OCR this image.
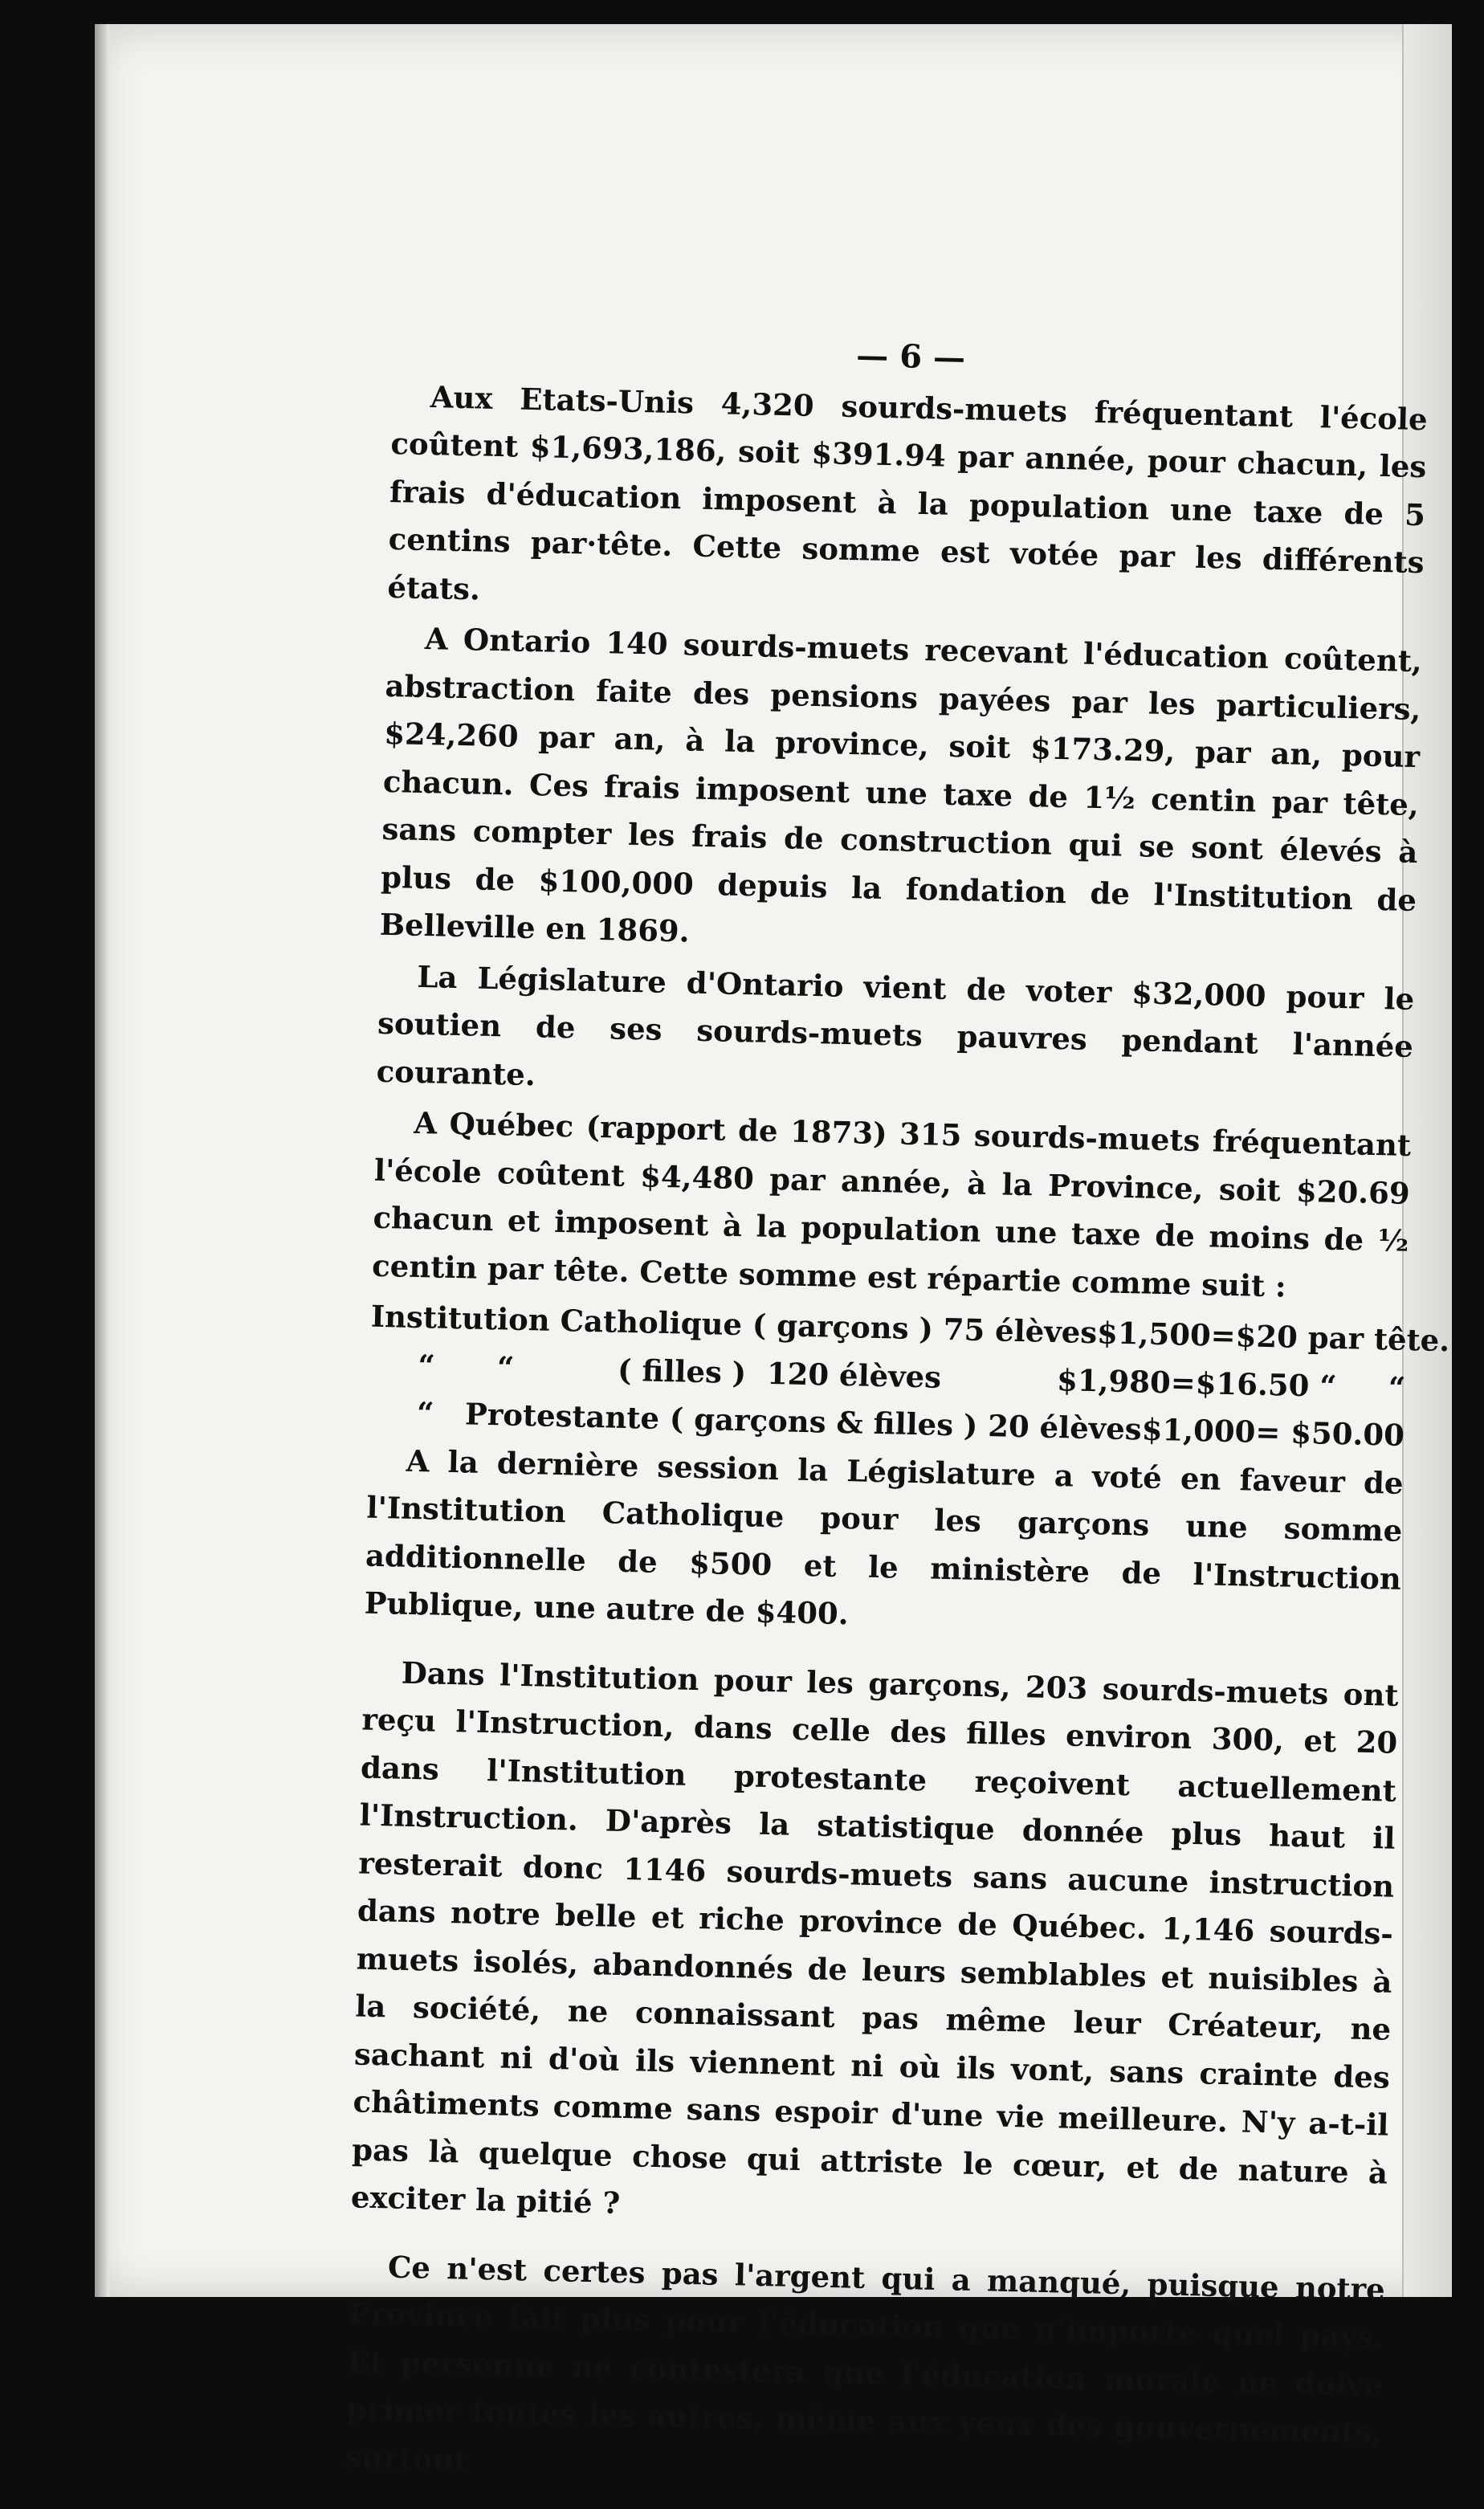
— 6 —

Aux Etats-Unis 4,320 sourds-muets fréquentant l'école coûtent $1,693,186, soit $391.94 par année, pour chacun, les frais d'éducation imposent à la population une taxe de 5 centins par·tête. Cette somme est votée par les différents états.

A Ontario 140 sourds-muets recevant l'éducation coûtent, abstraction faite des pensions payées par les particuliers, $24,260 par an, à la province, soit $173.29, par an, pour chacun. Ces frais imposent une taxe de 1½ centin par tête, sans compter les frais de construction qui se sont élevés à plus de $100,000 depuis la fondation de l'Institution de Belleville en 1869.

La Législature d'Ontario vient de voter $32,000 pour le soutien de ses sourds-muets pauvres pendant l'année courante.

A Québec (rapport de 1873) 315 sourds-muets fréquentant l'école coûtent $4,480 par année, à la Province, soit $20.69 chacun et imposent à la population une taxe de moins de ½ centin par tête. Cette somme est répartie comme suit :

Institution Catholique ( garçons ) 75 élèves $1,500=$20 par tête.
“      “          ( filles )  120 élèves	$1,980=$16.50 “     “
“   Protestante ( garçons & filles ) 20 élèves $1,000= $50.00

A la dernière session la Législature a voté en faveur de l'Institution Catholique pour les garçons une somme additionnelle de $500 et le ministère de l'Instruction Publique, une autre de $400.

Dans l'Institution pour les garçons, 203 sourds-muets ont reçu l'Instruction, dans celle des filles environ 300, et 20 dans l'Institution protestante reçoivent actuellement l'Instruction. D'après la statistique donnée plus haut il resterait donc 1146 sourds-muets sans aucune instruction dans notre belle et riche province de Québec. 1,146 sourds-muets isolés, abandonnés de leurs semblables et nuisibles à la société, ne connaissant pas même leur Créateur, ne sachant ni d'où ils viennent ni où ils vont, sans crainte des châtiments comme sans espoir d'une vie meilleure. N'y a-t-il pas là quelque chose qui attriste le cœur, et de nature à exciter la pitié ?

Ce n'est certes pas l'argent qui a manqué, puisque notre Province fait plus pour l'éducation que n'importe quel pays. Et personne ne contestera que l'éducation morale ne doive primer toutes les autres, même aux yeux des gouvernements, surtout
